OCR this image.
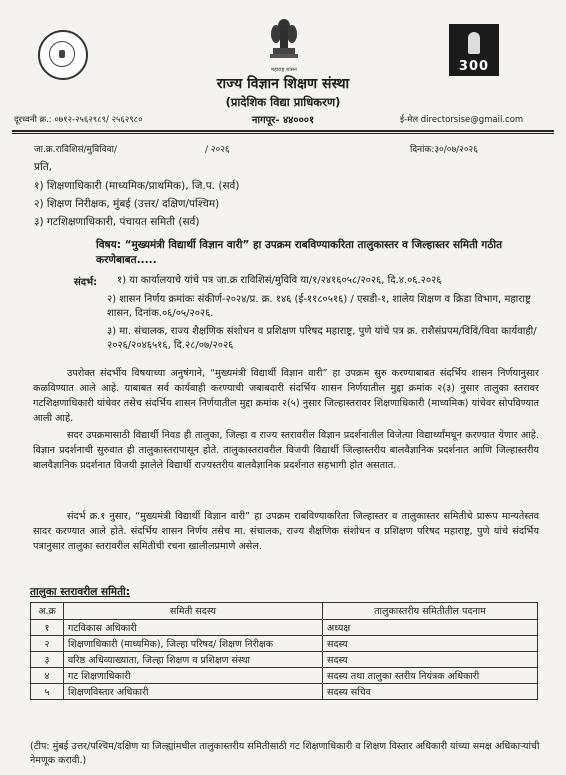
महाराष्ट्र शासन	300
राज्य विज्ञान शिक्षण संस्था
(प्रादेशिक विद्या प्राधिकरण)
दूरध्वनी क्र.: ०७१२-२५६२९८९/ २५६२९८०	नागपूर- ४४०००१	ई-मेल directorsise@gmail.com
जा.क्र.राविशिसं/मुविविवा/	/ २०२६	दिनांक:३०/०७/२०२६
प्रति,
१) शिक्षणाधिकारी (माध्यमिक/प्राथमिक), जि.प. (सर्व)
२) शिक्षण निरीक्षक, मुंबई (उत्तर/ दक्षिण/पश्चिम)
३) गटशिक्षणाधिकारी, पंचायत समिती (सर्व)
विषय: “मुख्यमंत्री विद्यार्थी विज्ञान वारी” हा उपक्रम राबविण्याकरिता तालुकास्तर व जिल्हास्तर समिती गठीत करणेबाबत.....
संदर्भ: १) या कार्यालयाचे यांचे पत्र जा.क्र राविशिसं/मुविवि या/१/२४१६०५८/२०२६, दि.४.०६.२०२६
२) शासन निर्णय क्रमांकः संकीर्ण-२०२४/प्र. क्र. १४६ (ई-११८०५१६) / एसडी-१, शालेय शिक्षण व क्रिडा विभाग, महाराष्ट्र शासन, दिनांक.०६/०५/२०२६.
३) मा. संचालक, राज्य शैक्षणिक संशोधन व प्रशिक्षण परिषद महाराष्ट्र, पुणे यांचे पत्र क्र. राशैसंप्रपम/विवि/विवा कार्यवाही/२०२६/२०४६५१६, दि.२८/०७/२०२६
उपरोक्त संदर्भीय विषयाच्या अनुषंगाने, “मुख्यमंत्री विद्यार्थी विज्ञान वारी” हा उपक्रम सुरु करण्याबाबत संदर्भिय शासन निर्णयानुसार कळविण्यात आले आहे. याबाबत सर्व कार्यवाही करण्याची जबाबदारी संदर्भिय शासन निर्णयातील मुद्दा क्रमांक २(३) नुसार तालुका स्तरावर गटशिक्षणाधिकारी यांचेवर तसेच संदर्भिय शासन निर्णयातील मुद्दा क्रमांक २(५) नुसार जिल्हास्तरावर शिक्षणाधिकारी (माध्यमिक) यांचेवर सोपविण्यात आली आहे.
सदर उपक्रमासाठी विद्यार्थी निवड ही तालुका, जिल्हा व राज्य स्तरावरील विज्ञान प्रदर्शनातील विजेत्या विद्यार्थ्यांमधून करण्यात येणार आहे. विज्ञान प्रदर्शनाची सुरुवात ही तालुकास्तरापासून होते. तालुकास्तरावरील विजयी विद्यार्थी जिल्हास्तरीय बालवैज्ञानिक प्रदर्शनात आणि जिल्हास्तरीय बालवैज्ञानिक प्रदर्शनात विजयी झालेले विद्यार्थी राज्यस्तरीय बालवैज्ञानिक प्रदर्शनात सहभागी होत असतात.
संदर्भ क्र.१ नुसार, “मुख्यमंत्री विद्यार्थी विज्ञान वारी” हा उपक्रम राबविण्याकरिता जिल्हास्तर व तालुकास्तर समितीचे प्रारूप मान्यतेस्तव सादर करण्यात आले होते. संदर्भिय शासन निर्णय तसेच मा. संचालक, राज्य शैक्षणिक संशोधन व प्रशिक्षण परिषद महाराष्ट्र, पुणे यांचे संदर्भिय पत्रानुसार तालुका स्तरावरील समितीची रचना खालीलप्रमाणे असेल.
तालुका स्तरावरील समिती:
अ.क्र	समिती सदस्य	तालुकास्तरीय समितीतील पदनाम
१	गटविकास अधिकारी	अध्यक्ष
२	शिक्षणाधिकारी (माध्यमिक), जिल्हा परिषद/ शिक्षण निरीक्षक	सदस्य
३	वरिष्ठ अधिव्याख्याता, जिल्हा शिक्षण व प्रशिक्षण संस्था	सदस्य
४	गट शिक्षणाधिकारी	सदस्य तथा तालुका स्तरीय नियंत्रक अधिकारी
५	शिक्षणविस्तार अधिकारी	सदस्य सचिव
(टीप: मुंबई उत्तर/पश्चिम/दक्षिण या जिल्ह्यांमधील तालुकास्तरीय समितीसाठी गट शिक्षणाधिकारी व शिक्षण विस्तार अधिकारी यांच्या समक्ष अधिकाऱ्यांची नेमणूक करावी.)
